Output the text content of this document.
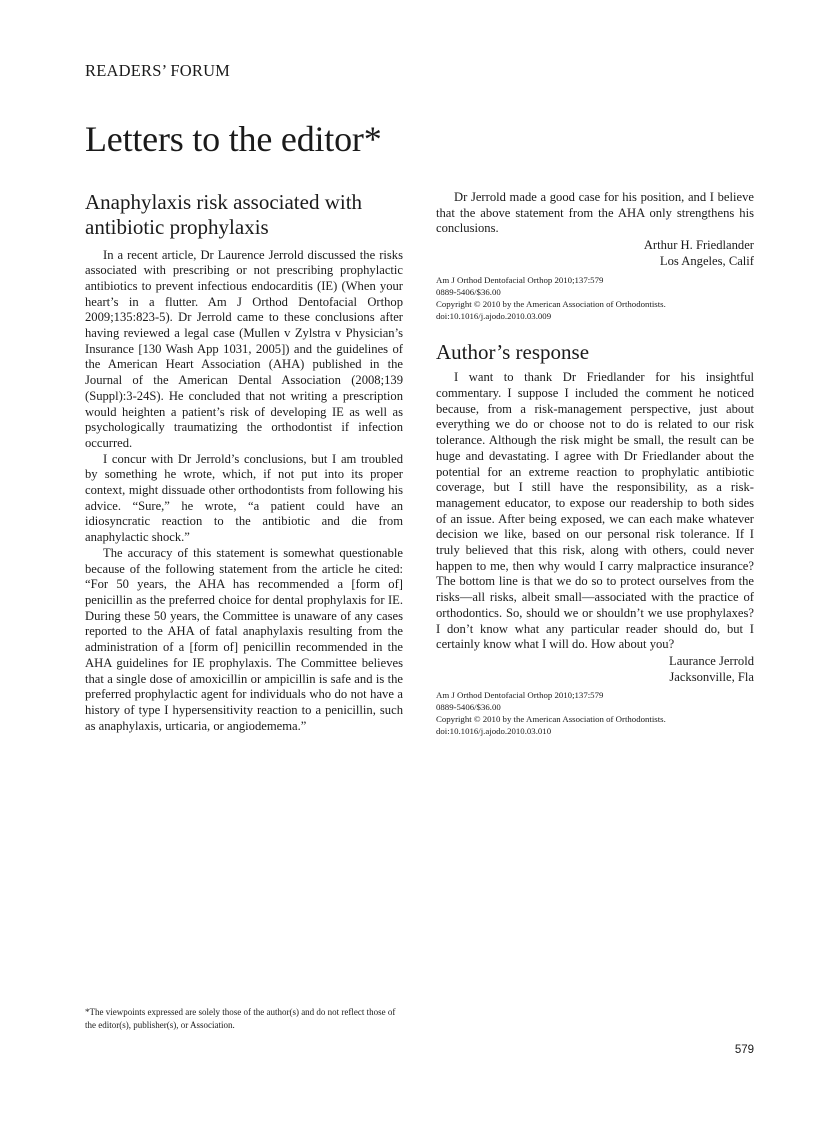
READERS’ FORUM
Letters to the editor*
Anaphylaxis risk associated with antibiotic prophylaxis

In a recent article, Dr Laurence Jerrold discussed the risks associated with prescribing or not prescribing prophylactic antibiotics to prevent infectious endocarditis (IE) (When your heart’s in a flutter. Am J Orthod Dentofacial Orthop 2009;135:823-5). Dr Jerrold came to these conclusions after having reviewed a legal case (Mullen v Zylstra v Physician’s Insurance [130 Wash App 1031, 2005]) and the guidelines of the American Heart Association (AHA) published in the Journal of the American Dental Association (2008;139 (Suppl):3-24S). He concluded that not writing a prescription would heighten a patient’s risk of developing IE as well as psychologically traumatizing the orthodontist if infection occurred.

I concur with Dr Jerrold’s conclusions, but I am troubled by something he wrote, which, if not put into its proper context, might dissuade other orthodontists from following his advice. “Sure,” he wrote, “a patient could have an idiosyncratic reaction to the antibiotic and die from anaphylactic shock.”

The accuracy of this statement is somewhat questionable because of the following statement from the article he cited: “For 50 years, the AHA has recommended a [form of] penicillin as the preferred choice for dental prophylaxis for IE. During these 50 years, the Committee is unaware of any cases reported to the AHA of fatal anaphylaxis resulting from the administration of a [form of] penicillin recommended in the AHA guidelines for IE prophylaxis. The Committee believes that a single dose of amoxicillin or ampicillin is safe and is the preferred prophylactic agent for individuals who do not have a history of type I hypersensitivity reaction to a penicillin, such as anaphylaxis, urticaria, or angiodemema.”

Dr Jerrold made a good case for his position, and I believe that the above statement from the AHA only strengthens his conclusions.

Arthur H. Friedlander
Los Angeles, Calif
Am J Orthod Dentofacial Orthop 2010;137:579
0889-5406/$36.00
Copyright © 2010 by the American Association of Orthodontists.
doi:10.1016/j.ajodo.2010.03.009
Author’s response

I want to thank Dr Friedlander for his insightful commentary. I suppose I included the comment he noticed because, from a risk-management perspective, just about everything we do or choose not to do is related to our risk tolerance. Although the risk might be small, the result can be huge and devastating. I agree with Dr Friedlander about the potential for an extreme reaction to prophylatic antibiotic coverage, but I still have the responsibility, as a risk-management educator, to expose our readership to both sides of an issue. After being exposed, we can each make whatever decision we like, based on our personal risk tolerance. If I truly believed that this risk, along with others, could never happen to me, then why would I carry malpractice insurance? The bottom line is that we do so to protect ourselves from the risks—all risks, albeit small—associated with the practice of orthodontics. So, should we or shouldn’t we use prophylaxes? I don’t know what any particular reader should do, but I certainly know what I will do. How about you?

Laurance Jerrold
Jacksonville, Fla
Am J Orthod Dentofacial Orthop 2010;137:579
0889-5406/$36.00
Copyright © 2010 by the American Association of Orthodontists.
doi:10.1016/j.ajodo.2010.03.010
*The viewpoints expressed are solely those of the author(s) and do not reflect those of the editor(s), publisher(s), or Association.
579
